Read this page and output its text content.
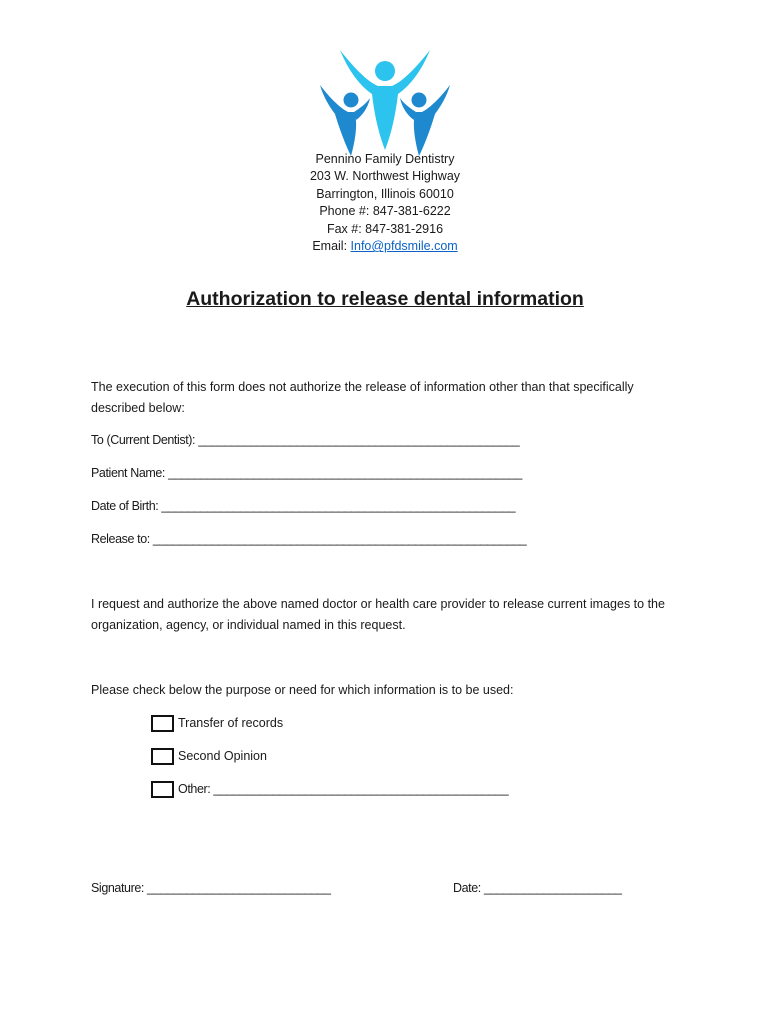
Pennino Family Dentistry
203 W. Northwest Highway
Barrington, Illinois 60010
Phone #: 847-381-6222
Fax #: 847-381-2916
Email: Info@pfdsmile.com
Authorization to release dental information
The execution of this form does not authorize the release of information other than that specifically described below:
To (Current Dentist): _________________________________________________
Patient Name: ______________________________________________________
Date of Birth: ______________________________________________________
Release to: _________________________________________________________
I request and authorize the above named doctor or health care provider to release current images to the organization, agency, or individual named in this request.
Please check below the purpose or need for which information is to be used:
Transfer of records
Second Opinion
Other: _____________________________________________
Signature: ____________________________	Date: _____________________
